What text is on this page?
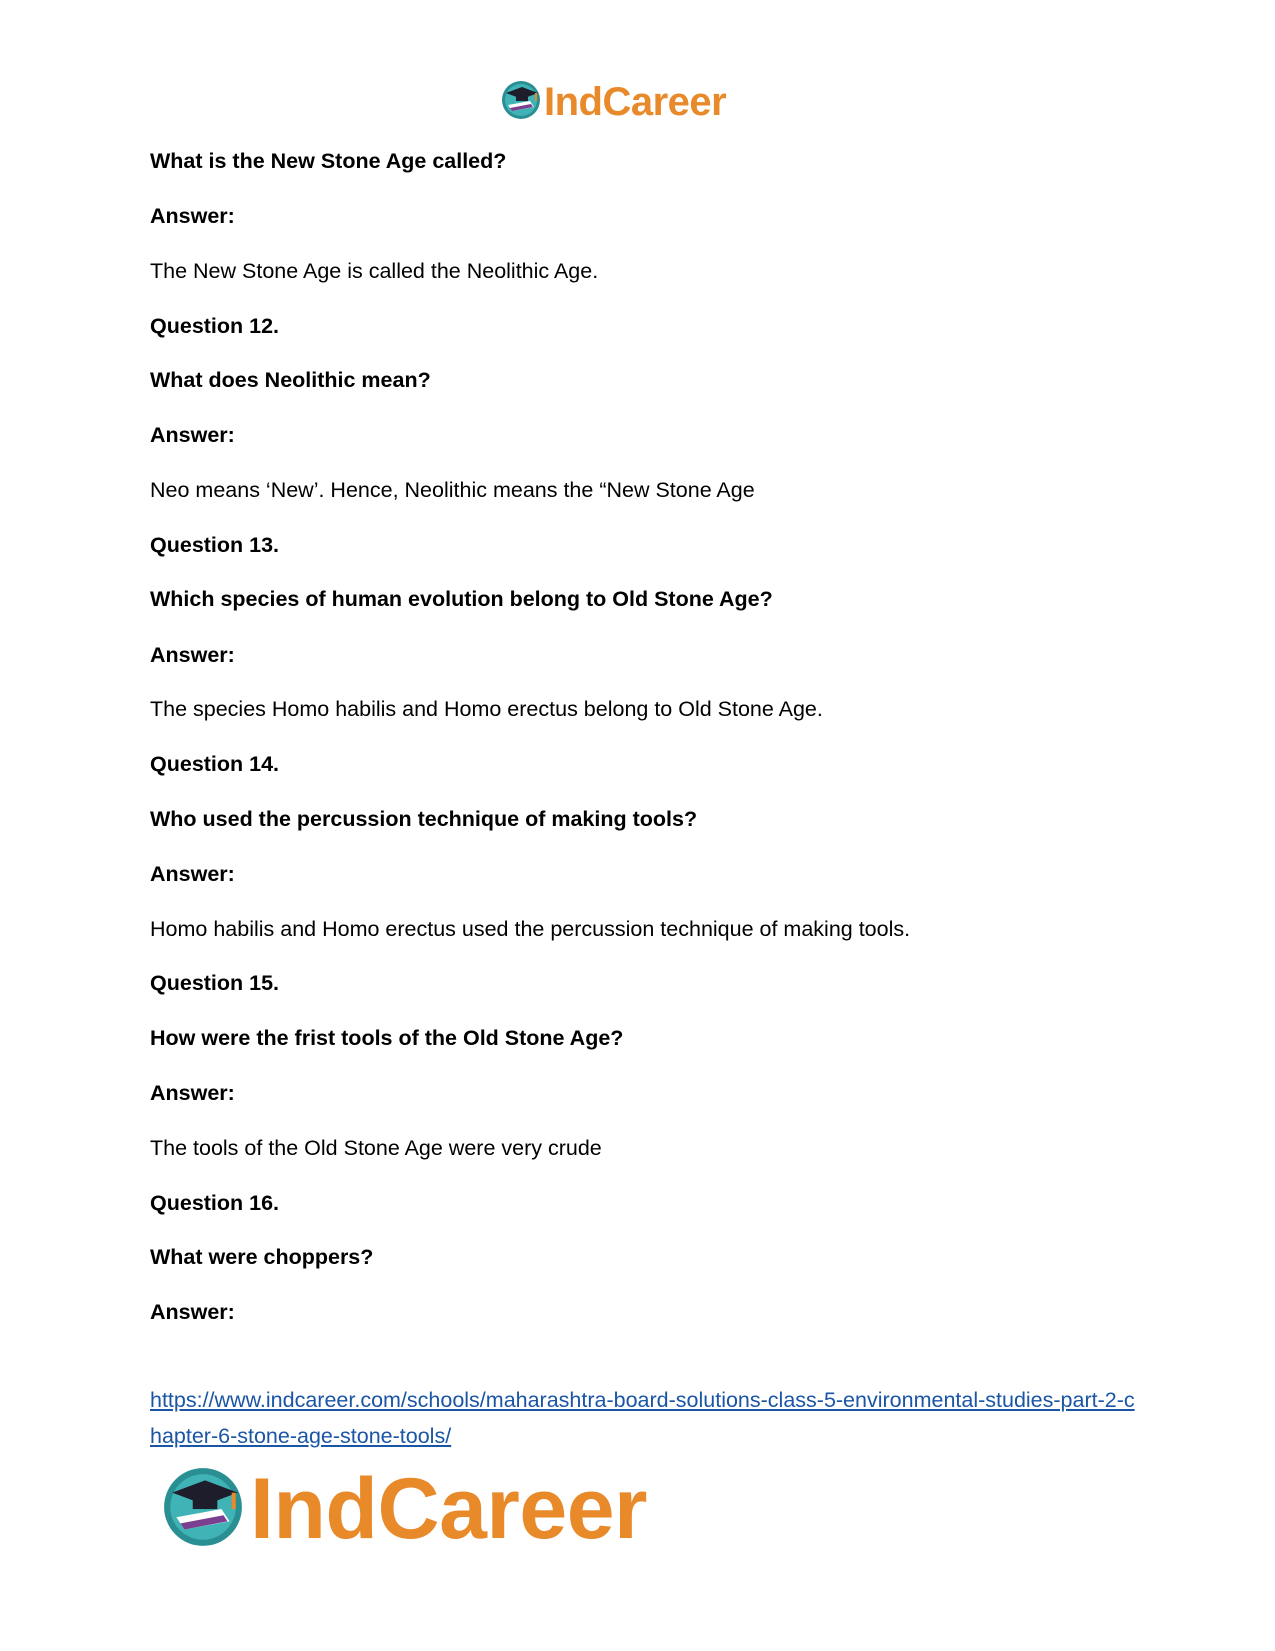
IndCareer
What is the New Stone Age called?
Answer:
The New Stone Age is called the Neolithic Age.
Question 12.
What does Neolithic mean?
Answer:
Neo means ‘New’. Hence, Neolithic means the “New Stone Age
Question 13.
Which species of human evolution belong to Old Stone Age?
Answer:
The species Homo habilis and Homo erectus belong to Old Stone Age.
Question 14.
Who used the percussion technique of making tools?
Answer:
Homo habilis and Homo erectus used the percussion technique of making tools.
Question 15.
How were the frist tools of the Old Stone Age?
Answer:
The tools of the Old Stone Age were very crude
Question 16.
What were choppers?
Answer:
https://www.indcareer.com/schools/maharashtra-board-solutions-class-5-environmental-studies-part-2-chapter-6-stone-age-stone-tools/
IndCareer
